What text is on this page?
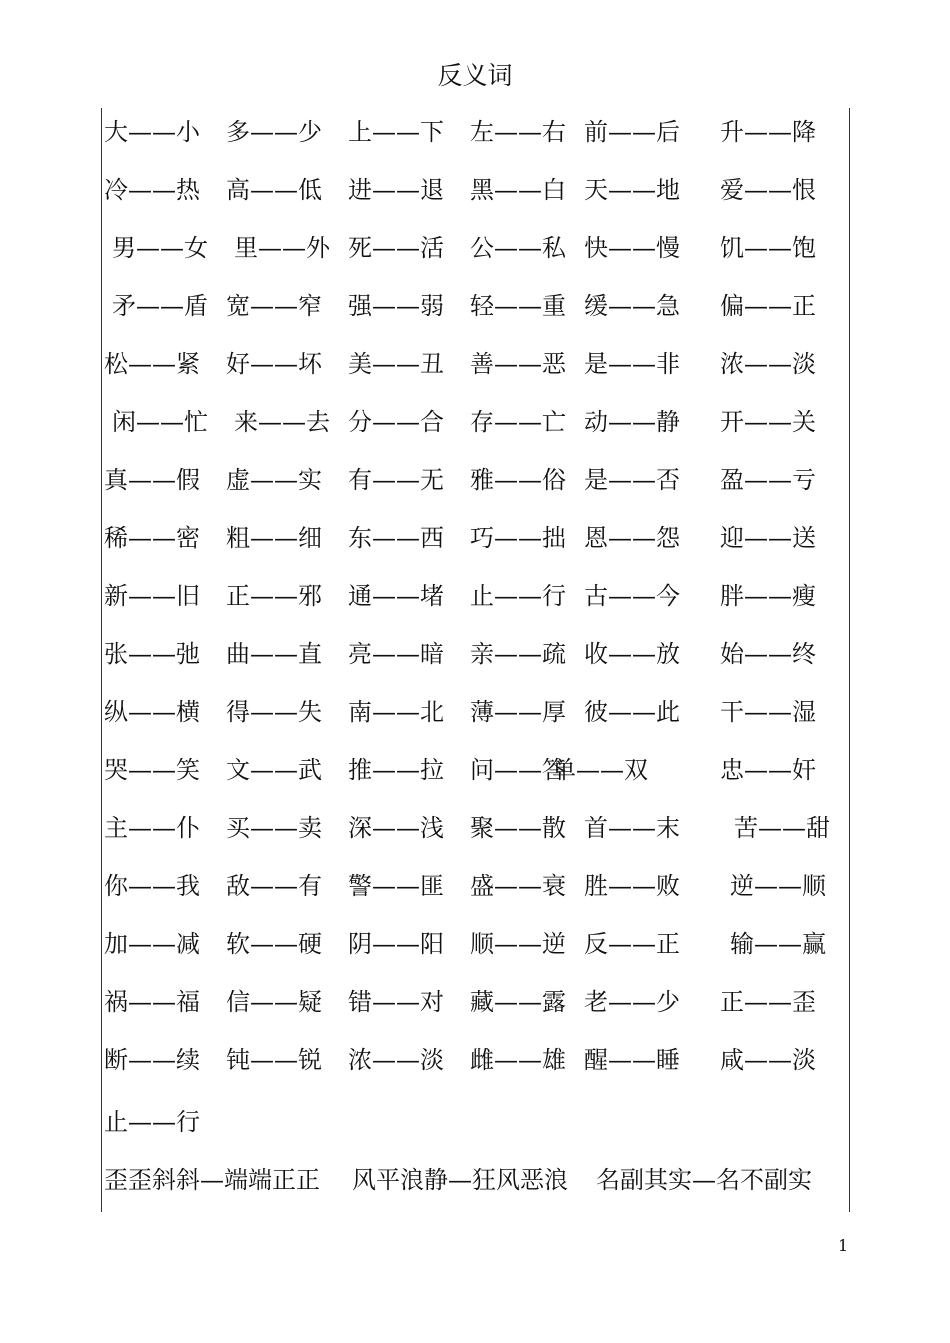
反义词
大——小 多——少 上——下 左——右 前——后 升——降
冷——热 高——低 进——退 黑——白 天——地 爱——恨
男——女 里——外 死——活 公——私 快——慢 饥——饱
矛——盾 宽——窄 强——弱 轻——重 缓——急 偏——正
松——紧 好——坏 美——丑 善——恶 是——非 浓——淡
闲——忙 来——去 分——合 存——亡 动——静 开——关
真——假 虚——实 有——无 雅——俗 是——否 盈——亏
稀——密 粗——细 东——西 巧——拙 恩——怨 迎——送
新——旧 正——邪 通——堵 止——行 古——今 胖——瘦
张——弛 曲——直 亮——暗 亲——疏 收——放 始——终
纵——横 得——失 南——北 薄——厚 彼——此 干——湿
哭——笑 文——武 推——拉 问——答
单——双	忠——奸
主——仆 买——卖 深——浅 聚——散 首——末 苦——甜
你——我 敌——有 警——匪 盛——衰 胜——败 逆——顺
加——减 软——硬 阴——阳 顺——逆 反——正 输——赢
祸——福 信——疑 错——对 藏——露 老——少 正——歪
断——续 钝——锐 浓——淡 雌——雄 醒——睡 咸——淡
止——行
歪歪斜斜—端端正正 风平浪静—狂风恶浪 名副其实—名不副实
1
